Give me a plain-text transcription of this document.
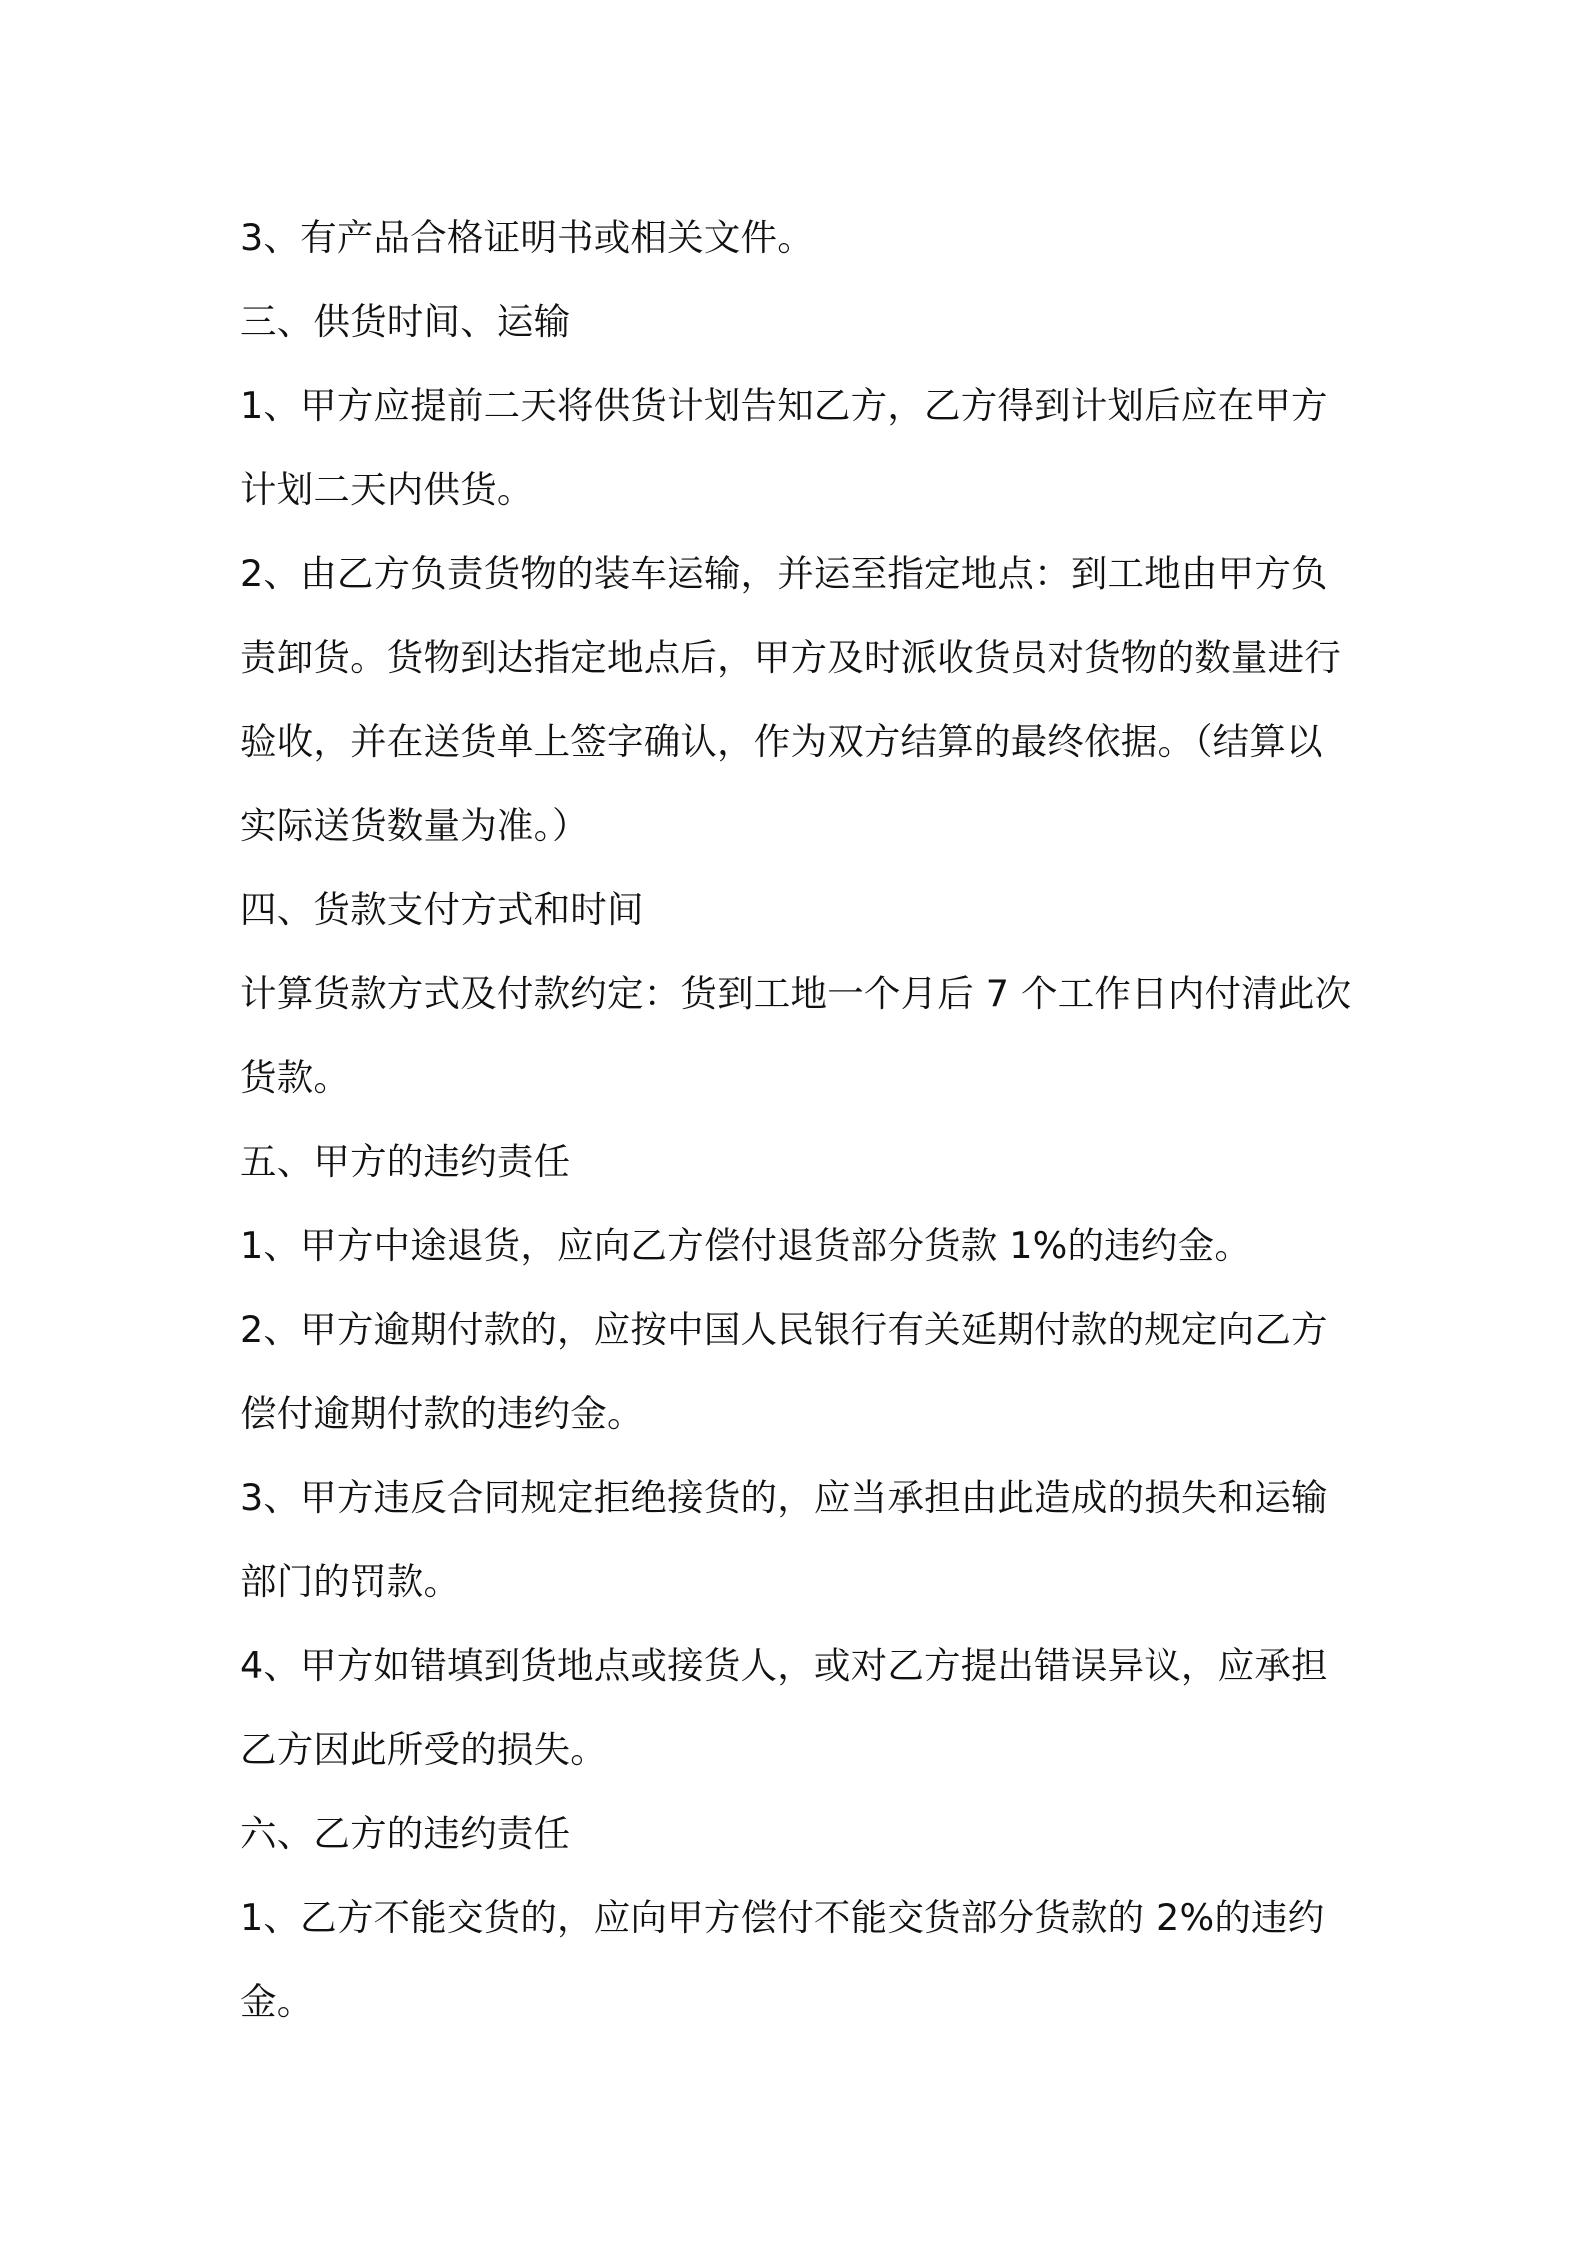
3、有产品合格证明书或相关文件。

三、供货时间、运输

1、甲方应提前二天将供货计划告知乙方，乙方得到计划后应在甲方计划二天内供货。

2、由乙方负责货物的装车运输，并运至指定地点：到工地由甲方负责卸货。货物到达指定地点后，甲方及时派收货员对货物的数量进行验收，并在送货单上签字确认，作为双方结算的最终依据。（结算以实际送货数量为准。）

四、货款支付方式和时间

计算货款方式及付款约定：货到工地一个月后 7 个工作日内付清此次货款。

五、甲方的违约责任

1、甲方中途退货，应向乙方偿付退货部分货款 1%的违约金。

2、甲方逾期付款的，应按中国人民银行有关延期付款的规定向乙方偿付逾期付款的违约金。

3、甲方违反合同规定拒绝接货的，应当承担由此造成的损失和运输部门的罚款。

4、甲方如错填到货地点或接货人，或对乙方提出错误异议，应承担乙方因此所受的损失。

六、乙方的违约责任

1、乙方不能交货的，应向甲方偿付不能交货部分货款的 2%的违约金。
